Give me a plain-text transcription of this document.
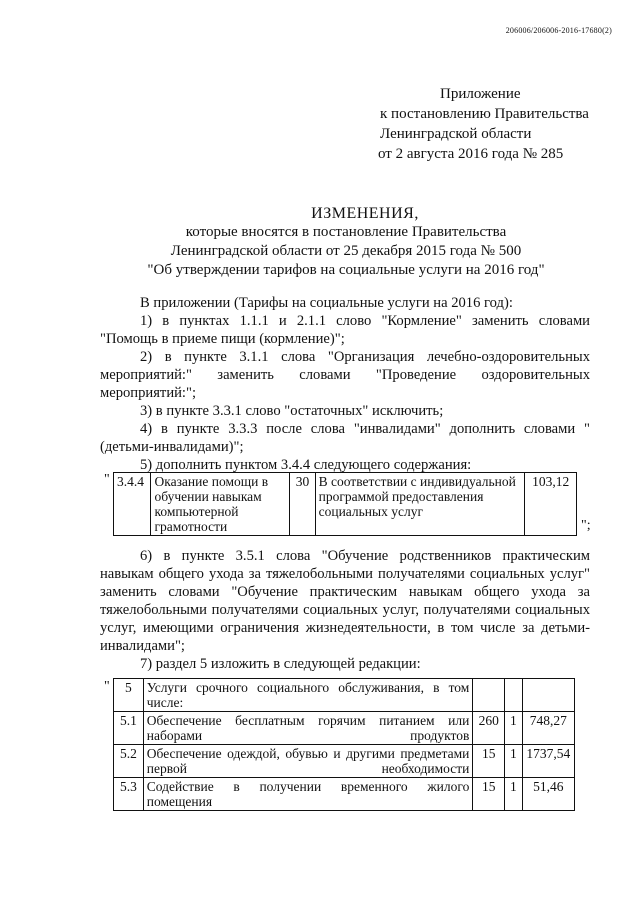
206006/206006-2016-17680(2)
Приложение
к постановлению Правительства
Ленинградской области
от 2 августа 2016 года № 285
ИЗМЕНЕНИЯ,
которые вносятся в постановление Правительства
Ленинградской области от 25 декабря 2015 года № 500
"Об утверждении тарифов на социальные услуги на 2016 год"

В приложении (Тарифы на социальные услуги на 2016 год):

1) в пунктах 1.1.1 и 2.1.1 слово "Кормление" заменить словами "Помощь в приеме пищи (кормление)";

2) в пункте 3.1.1 слова "Организация лечебно-оздоровительных мероприятий:" заменить словами "Проведение оздоровительных мероприятий:";

3) в пункте 3.3.1 слово "остаточных" исключить;

4) в пункте 3.3.3 после слова "инвалидами" дополнить словами "(детьми-инвалидами)";

5) дополнить пунктом 3.4.4 следующего содержания:

" 3.4.4	Оказание помощи в обучении навыкам компьютерной грамотности	30	В соответствии с индивидуальной программой предоставления социальных услуг	103,12
";

6) в пункте 3.5.1 слова "Обучение родственников практическим навыкам общего ухода за тяжелобольными получателями социальных услуг" заменить словами "Обучение практическим навыкам общего ухода за тяжелобольными получателями социальных услуг, получателями социальных услуг, имеющими ограничения жизнедеятельности, в том числе за детьми-инвалидами";

7) раздел 5 изложить в следующей редакции:

" 5	Услуги срочного социального обслуживания, в том числе:			
5.1	Обеспечение бесплатным горячим питанием или наборами продуктов	260	1	748,27
5.2	Обеспечение одеждой, обувью и другими предметами первой необходимости	15	1	1737,54
5.3	Содействие в получении временного жилого помещения	15	1	51,46
